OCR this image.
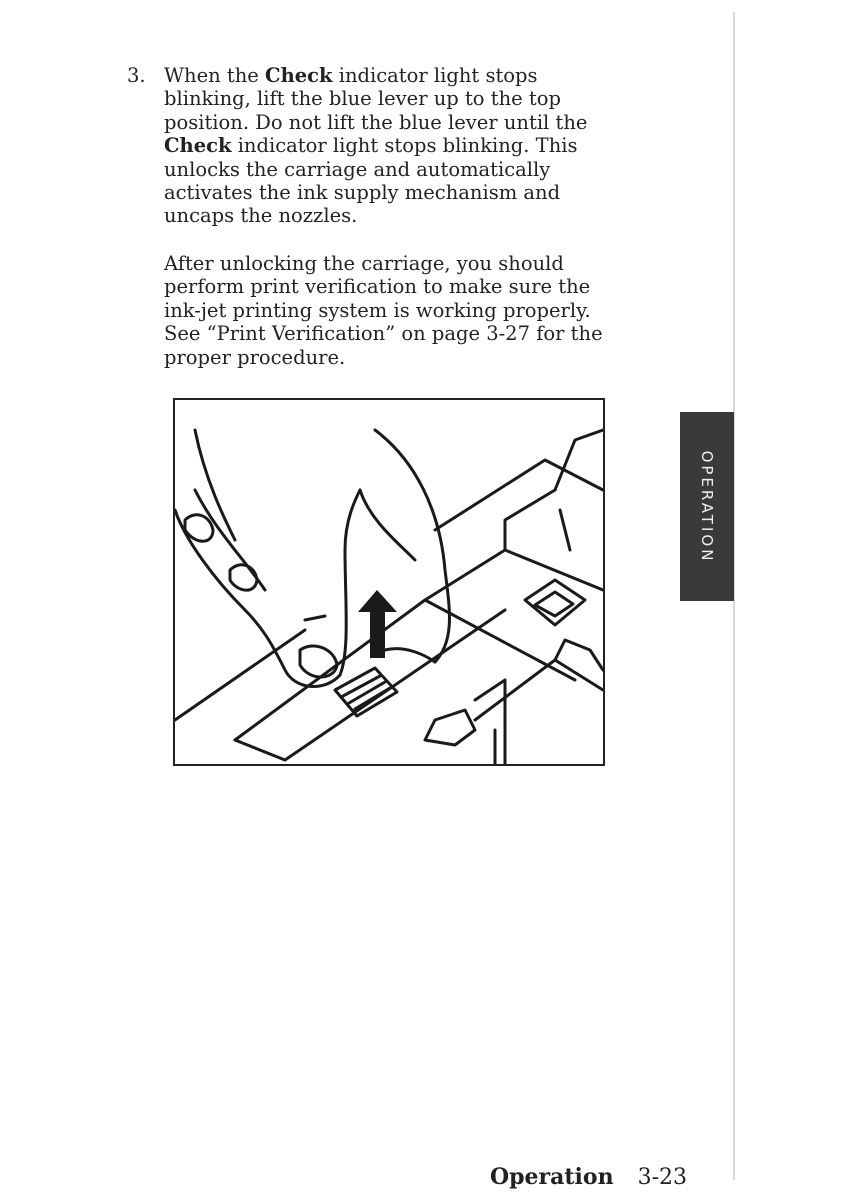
3. When the Check indicator light stops
blinking, lift the blue lever up to the top
position. Do not lift the blue lever until the
Check indicator light stops blinking. This
unlocks the carriage and automatically
activates the ink supply mechanism and
uncaps the nozzles.
After unlocking the carriage, you should
perform print verification to make sure the
ink-jet printing system is working properly.
See “Print Verification” on page 3-27 for the
proper procedure.
OPERATION
Operation 3-23
